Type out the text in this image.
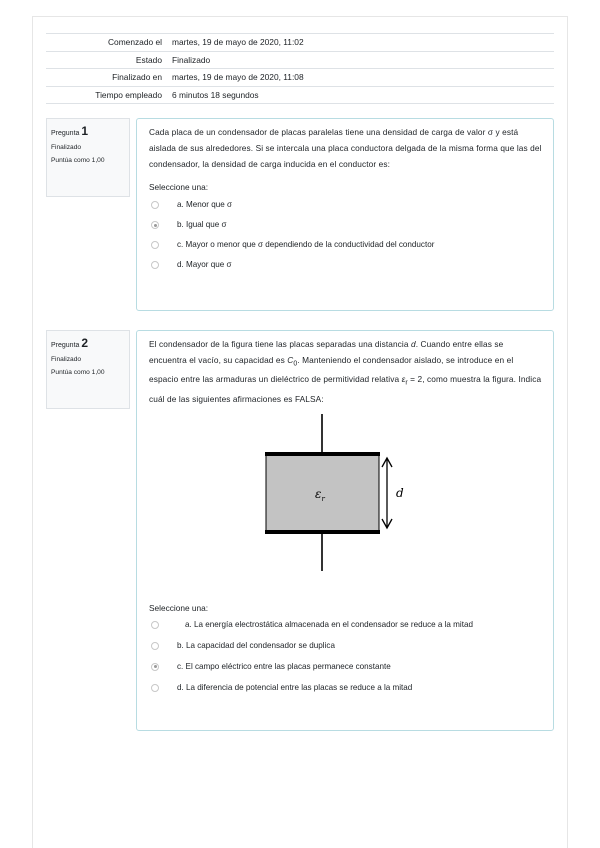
Comenzado el	martes, 19 de mayo de 2020, 11:02
Estado	Finalizado
Finalizado en	martes, 19 de mayo de 2020, 11:08
Tiempo empleado	6 minutos 18 segundos
Pregunta 1
Finalizado
Puntúa como 1,00
Cada placa de un condensador de placas paralelas tiene una densidad de carga de valor σ y está aislada de sus alrededores. Si se intercala una placa conductora delgada de la misma forma que las del condensador, la densidad de carga inducida en el conductor es:
Seleccione una:
a. Menor que σ
b. Igual que σ
c. Mayor o menor que σ dependiendo de la conductividad del conductor
d. Mayor que σ
Pregunta 2
Finalizado
Puntúa como 1,00
El condensador de la figura tiene las placas separadas una distancia d. Cuando entre ellas se encuentra el vacío, su capacidad es $C_0$. Manteniendo el condensador aislado, se introduce en el espacio entre las armaduras un dieléctrico de permitividad relativa $\varepsilon_r = 2$, como muestra la figura. Indica cuál de las siguientes afirmaciones es FALSA:
$\varepsilon_r$	d
Seleccione una:
a. La energía electrostática almacenada en el condensador se reduce a la mitad
b. La capacidad del condensador se duplica
c. El campo eléctrico entre las placas permanece constante
d. La diferencia de potencial entre las placas se reduce a la mitad
